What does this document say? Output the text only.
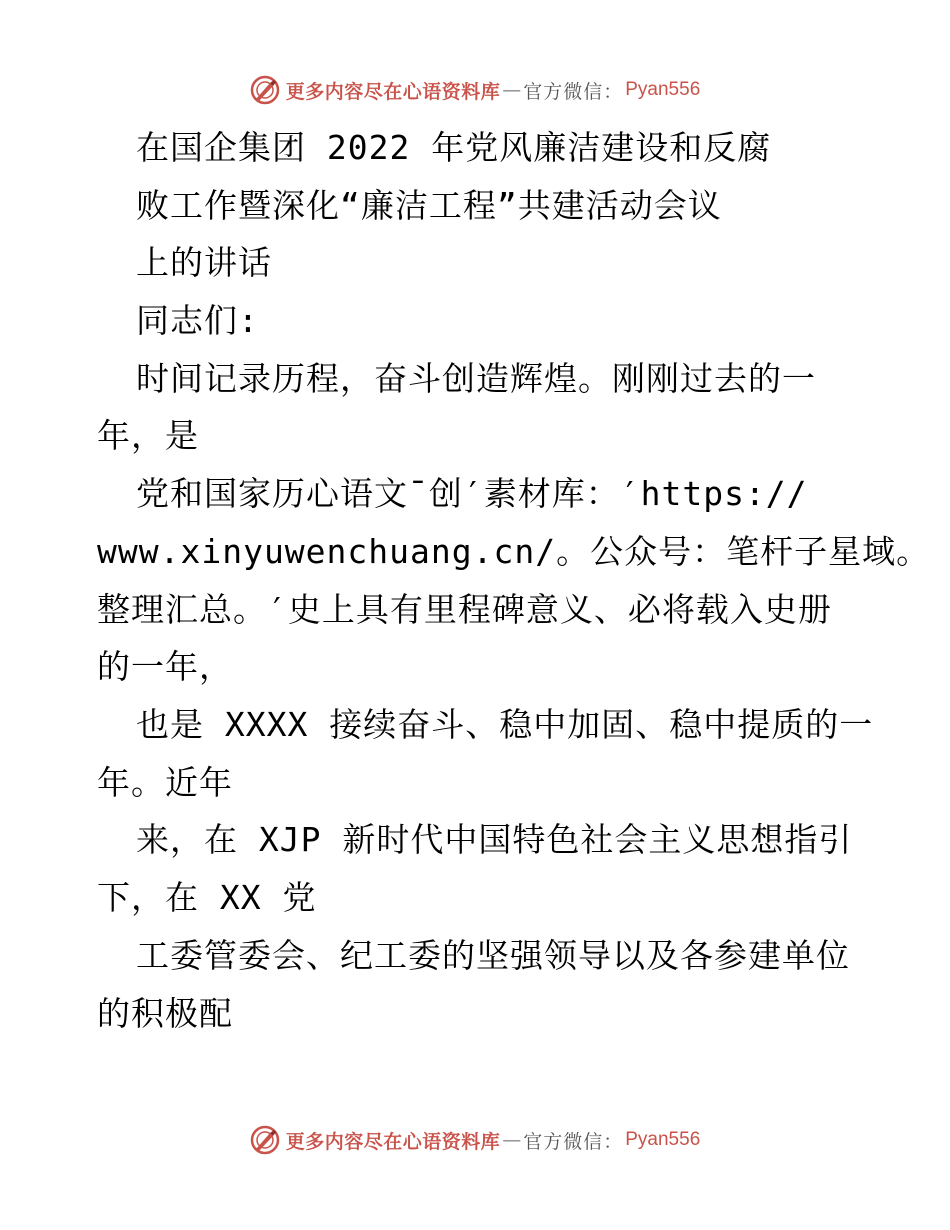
更多内容尽在心语资料库 — 官方微信： Pyan556
在国企集团 2022 年党风廉洁建设和反腐
败工作暨深化“廉洁工程”共建活动会议
上的讲话
同志们:
时间记录历程，奋斗创造辉煌。刚刚过去的一
年，是
党和国家历心语文¯创′素材库：′https://
www.xinyuwenchuang.cn/。公众号：笔杆子星域。
整理汇总。′史上具有里程碑意义、必将载入史册
的一年，
也是 XXXX 接续奋斗、稳中加固、稳中提质的一
年。近年
来，在 XJP 新时代中国特色社会主义思想指引
下，在 XX 党
工委管委会、纪工委的坚强领导以及各参建单位
的积极配
更多内容尽在心语资料库 — 官方微信： Pyan556
